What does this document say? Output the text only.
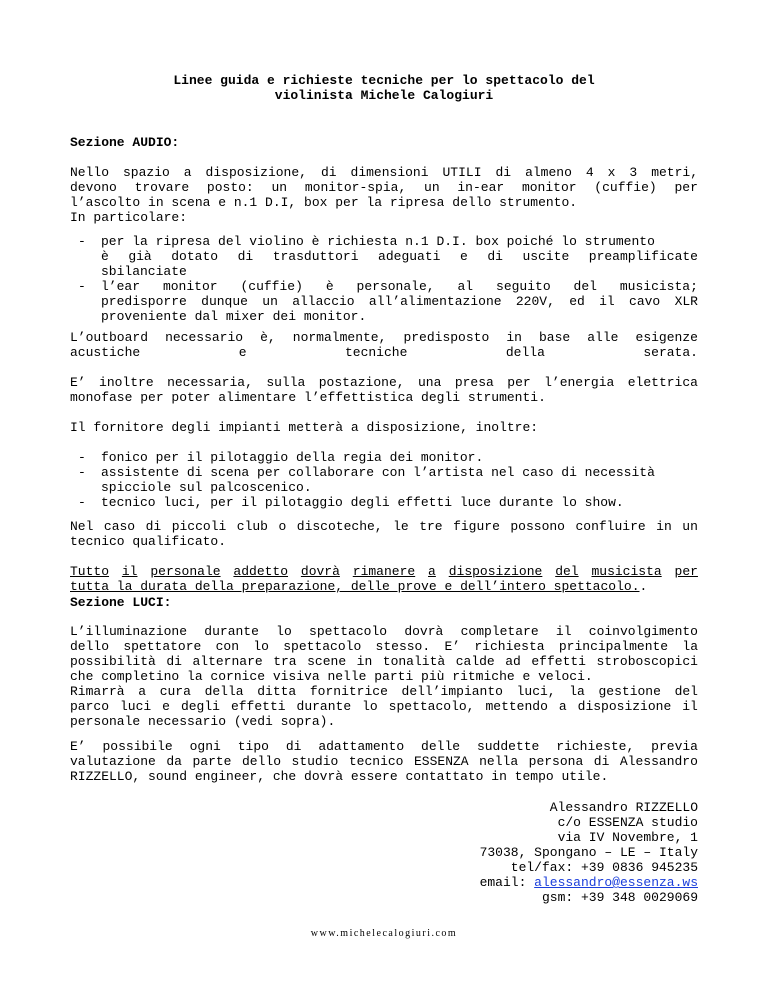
Linee guida e richieste tecniche per lo spettacolo del
violinista Michele Calogiuri
Sezione AUDIO:
Nello spazio a disposizione, di dimensioni UTILI di almeno 4 x 3 metri,
devono trovare posto: un monitor-spia, un in-ear monitor (cuffie) per
l’ascolto in scena e n.1 D.I, box per la ripresa dello strumento.
In particolare:
- per la ripresa del violino è richiesta n.1 D.I. box poiché lo strumento
è già dotato di trasduttori adeguati e di uscite preamplificate
sbilanciate
- l’ear monitor (cuffie) è personale, al seguito del musicista;
predisporre dunque un allaccio all’alimentazione 220V, ed il cavo XLR
proveniente dal mixer dei monitor.
L’outboard necessario è, normalmente, predisposto in base alle esigenze
acustiche	e	tecniche	della	serata.
E’ inoltre necessaria, sulla postazione, una presa per l’energia elettrica
monofase per poter alimentare l’effettistica degli strumenti.
Il fornitore degli impianti metterà a disposizione, inoltre:
- fonico per il pilotaggio della regia dei monitor.
- assistente di scena per collaborare con l’artista nel caso di necessità
spicciole sul palcoscenico.
- tecnico luci, per il pilotaggio degli effetti luce durante lo show.
Nel caso di piccoli club o discoteche, le tre figure possono confluire in un
tecnico qualificato.
Tutto il personale addetto dovrà rimanere a disposizione del musicista per
tutta la durata della preparazione, delle prove e dell’intero spettacolo..
Sezione LUCI:
L’illuminazione durante lo spettacolo dovrà completare il coinvolgimento
dello spettatore con lo spettacolo stesso. E’ richiesta principalmente la
possibilità di alternare tra scene in tonalità calde ad effetti stroboscopici
che completino la cornice visiva nelle parti più ritmiche e veloci.
Rimarrà a cura della ditta fornitrice dell’impianto luci, la gestione del
parco luci e degli effetti durante lo spettacolo, mettendo a disposizione il
personale necessario (vedi sopra).
E’ possibile ogni tipo di adattamento delle suddette richieste, previa
valutazione da parte dello studio tecnico ESSENZA nella persona di Alessandro
RIZZELLO, sound engineer, che dovrà essere contattato in tempo utile.
Alessandro RIZZELLO
c/o ESSENZA studio
via IV Novembre, 1
73038, Spongano – LE – Italy
tel/fax: +39 0836 945235
email: alessandro@essenza.ws
gsm: +39 348 0029069
www.michelecalogiuri.com
